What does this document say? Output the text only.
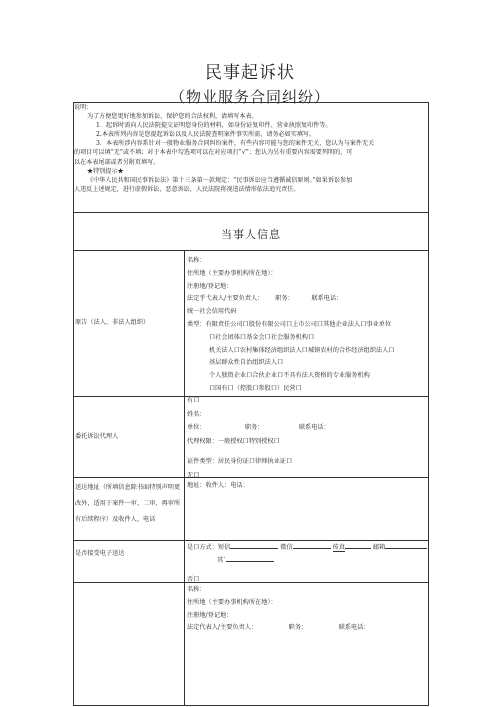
民事起诉状
（物业服务合同纠纷）

说明：

为了方便您更好地参加诉讼，保护您的合法权利，请填写本表。

1．起诉时需向人民法院提交证明您身份的材料，如身份证复印件、营业执照复印件等。

2.本表所列内容是您提起诉讼以及人民法院查明案件事实所需，请务必如实填写。

3．本表所涉内容系针对一般物业服务合同纠纷案件，有些内容可能与您的案件无关，您认为与案件无关

的项目可以填“无”或不填；对于本表中勾选项可以在对应项打“√”；您认为另有重要内容需要列明的，可

以在本表尾部或者另附页填写。

★特别提示★

《中华人民共和国民事诉讼法》第十三条第一款规定：“民事诉讼应当遵循诚信原则。”如果诉讼参加

人违反上述规定，进行虚假诉讼、恶意诉讼，人民法院将视违法情形依法追究责任。

当事人信息
原告（法人、非法人组织）

名称：

住所地（主要办事机构所在地）：

注册地/登记地：

法定乎弋表人/主要负责人： 职务：	联系电话：

统一社会信用代码

类型：有限责任公司口股份有限公司口上市公司口其他企业法人口事业单位

口社会团体口基金会口社会服务机构口

机关法人口农村集体经济组织法人口城镇农村的合作经济组织法人口

基层群众性自治组织法人口

个人独资企业口合伙企业口不具有法人资格的专业服务机构

口国有口（控股口参股口）民营口

委托诉讼代理人

有口

姓名：

单位：	职务：	联系电话：

代理权限：一般授权口特别授权口

证件类型：居民身份证口律师执业证口

无口

送达地址（所填信息除书面特别声明更改外，适用于案件一审、二审、再审所有后续程序）及收件人、电话
地址：收件人：电话：
是否接受电子送达

是口方式：短信	微信	传真	邮箱

其`

否口

名称：

住所地（主要办事机构所在地）：

注册地/登记地：

法定代表人/主要负责人：	职务：	联系电话：
